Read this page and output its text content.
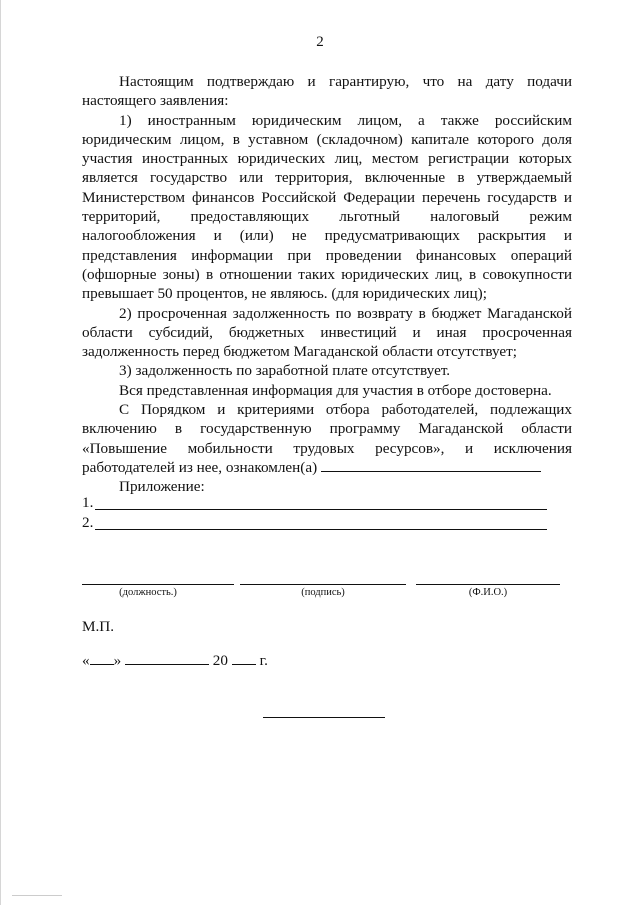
2

Настоящим подтверждаю и гарантирую, что на дату подачи настоящего заявления:

1) иностранным юридическим лицом, а также российским юридическим лицом, в уставном (складочном) капитале которого доля участия иностранных юридических лиц, местом регистрации которых является государство или территория, включенные в утверждаемый Министерством финансов Российской Федерации перечень государств и территорий, предоставляющих льготный налоговый режим налогообложения и (или) не предусматривающих раскрытия и представления информации при проведении финансовых операций (офшорные зоны) в отношении таких юридических лиц, в совокупности превышает 50 процентов, не являюсь. (для юридических лиц);

2) просроченная задолженность по возврату в бюджет Магаданской области субсидий, бюджетных инвестиций и иная просроченная задолженность перед бюджетом Магаданской области отсутствует;

3) задолженность по заработной плате отсутствует.

Вся представленная информация для участия в отборе достоверна.

С Порядком и критериями отбора работодателей, подлежащих включению в государственную программу Магаданской области «Повышение мобильности трудовых ресурсов», и исключения работодателей из нее, ознакомлен(а)

Приложение:

1.
2.
(должность.)	(подпись)	(Ф.И.О.)
М.П.
« »	20 г.
